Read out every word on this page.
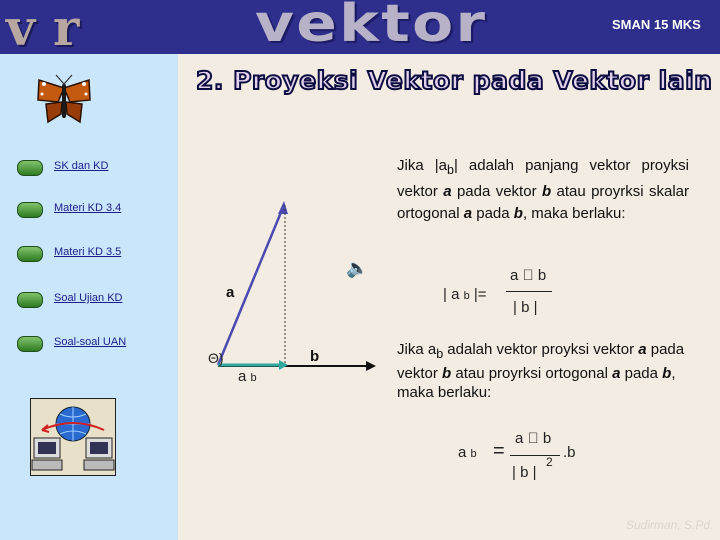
vr	vektor	SMAN 15 MKS
SK dan KD
Materi KD 3.4
Materi KD 3.5
Soal Ujian KD
Soal-soal UAN
2. Proyeksi Vektor pada Vektor lain
Jika $|a_b|$ adalah panjang vektor proyksi vektor a pada vektor b atau proyrksi skalar ortogonal a pada b, maka berlaku:
🔈
a
b
Θ)
a b
| a b |=
a b
| b |
Jika $a_b$ adalah vektor proyksi vektor a pada vektor b atau proyrksi ortogonal a pada b, maka berlaku:
a b =
a b
| b |
2
.b
Sudirman, S.Pd.
